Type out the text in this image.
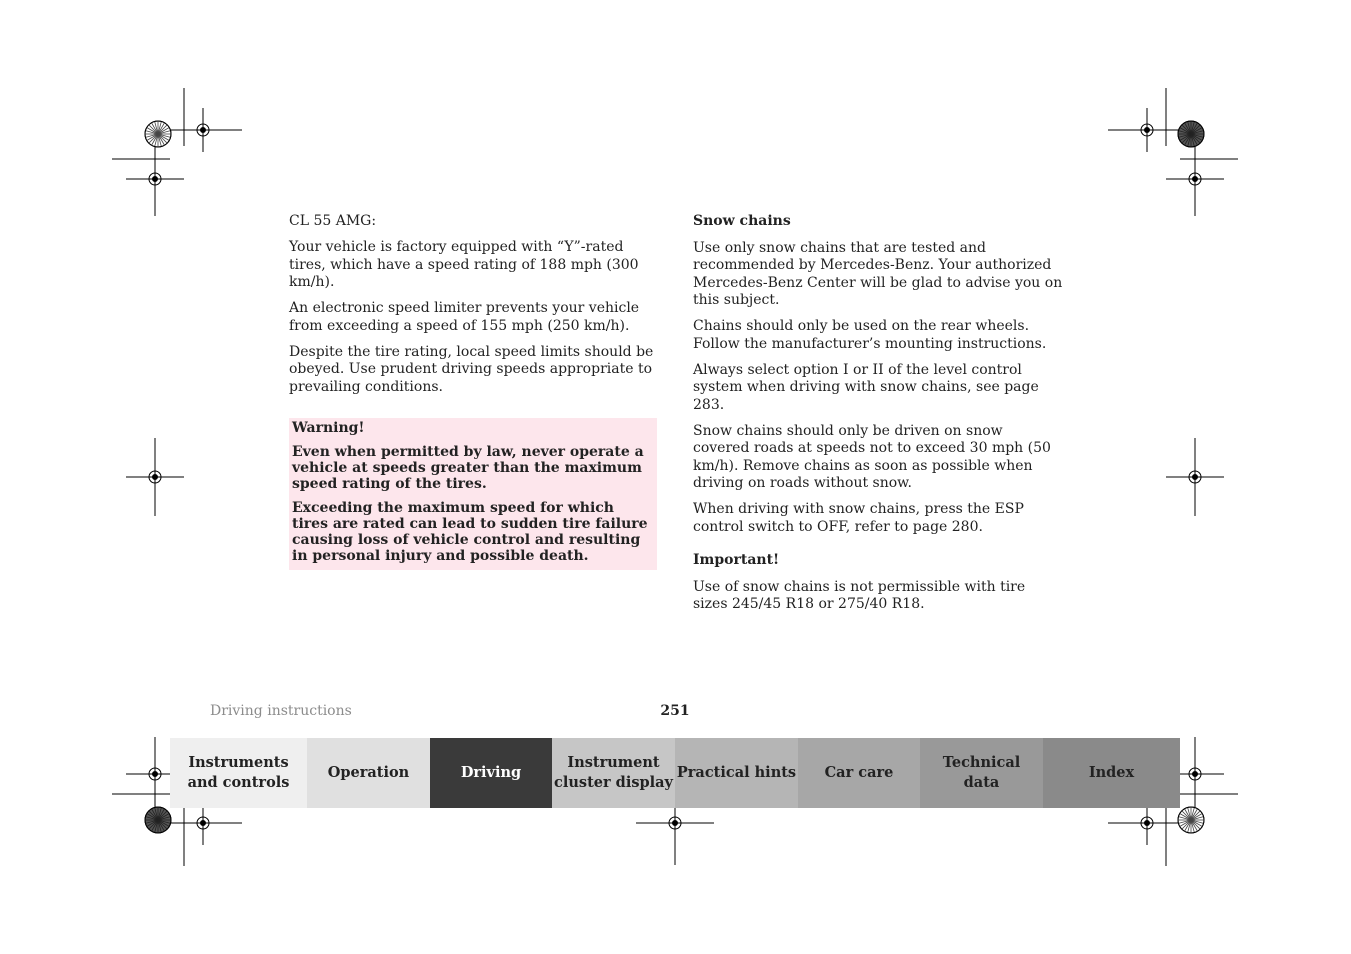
CL 55 AMG:

Your vehicle is factory equipped with “Y”-rated tires, which have a speed rating of 188 mph (300 km/h).

An electronic speed limiter prevents your vehicle from exceeding a speed of 155 mph (250 km/h).

Despite the tire rating, local speed limits should be obeyed. Use prudent driving speeds appropriate to prevailing conditions.

Warning!

Even when permitted by law, never operate a vehicle at speeds greater than the maximum speed rating of the tires.

Exceeding the maximum speed for which tires are rated can lead to sudden tire failure causing loss of vehicle control and resulting in personal injury and possible death.

Snow chains

Use only snow chains that are tested and recommended by Mercedes-Benz. Your authorized Mercedes-Benz Center will be glad to advise you on this subject.

Chains should only be used on the rear wheels. Follow the manufacturer’s mounting instructions.

Always select option I or II of the level control system when driving with snow chains, see page 283.

Snow chains should only be driven on snow covered roads at speeds not to exceed 30 mph (50 km/h). Remove chains as soon as possible when driving on roads without snow.

When driving with snow chains, press the ESP control switch to OFF, refer to page 280.

Important!

Use of snow chains is not permissible with tire sizes 245/45 R18 or 275/40 R18.

Driving instructions	251
Instruments
and controls
Operation	Driving
Instrument
cluster display
Practical hints	Car care
Technical
data
Index
